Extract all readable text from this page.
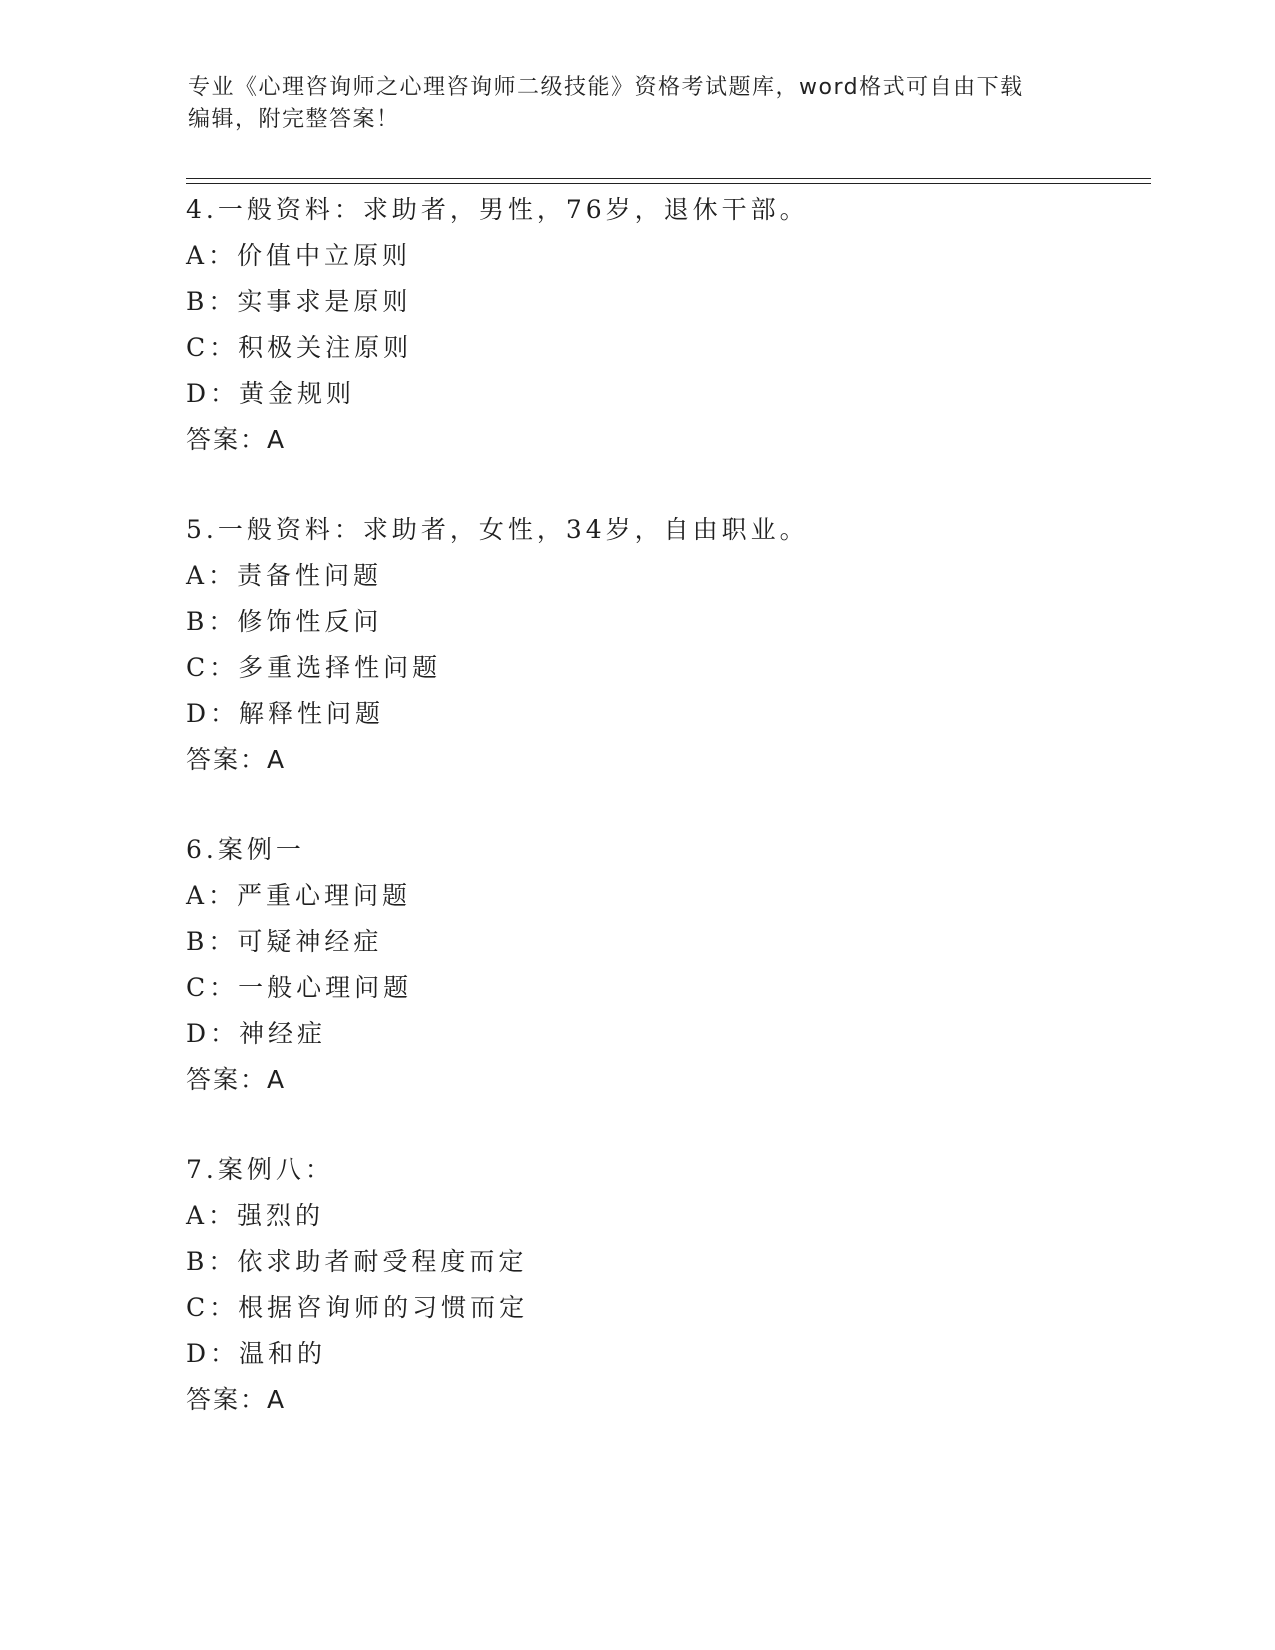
专业《心理咨询师之心理咨询师二级技能》资格考试题库，word格式可自由下载

编辑，附完整答案！

4.一般资料：求助者，男性，76岁，退休干部。
A：价值中立原则
B：实事求是原则
C：积极关注原则
D：黄金规则
答案：A
5.一般资料：求助者，女性，34岁，自由职业。
A：责备性问题
B：修饰性反问
C：多重选择性问题
D：解释性问题
答案：A
6.案例一
A：严重心理问题
B：可疑神经症
C：一般心理问题
D：神经症
答案：A
7.案例八：
A：强烈的
B：依求助者耐受程度而定
C：根据咨询师的习惯而定
D：温和的
答案：A
